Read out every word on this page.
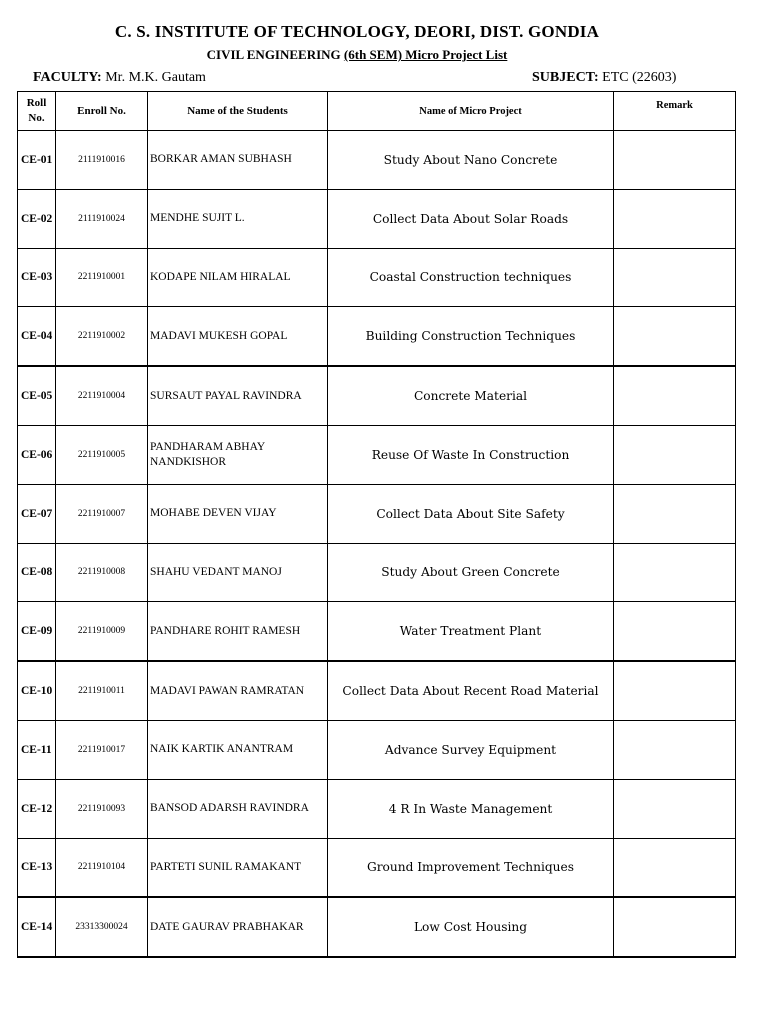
C. S. INSTITUTE OF TECHNOLOGY, DEORI, DIST. GONDIA
CIVIL ENGINEERING (6th SEM) Micro Project List
FACULTY: Mr. M.K. Gautam	SUBJECT: ETC (22603)
Roll No.	Enroll No.	Name of the Students	Name of Micro Project	Remark
CE-01	2111910016	BORKAR AMAN SUBHASH	Study About Nano Concrete	
CE-02	2111910024	MENDHE SUJIT L.	Collect Data About Solar Roads	
CE-03	2211910001	KODAPE NILAM HIRALAL	Coastal Construction techniques	
CE-04	2211910002	MADAVI MUKESH GOPAL	Building Construction Techniques	
CE-05	2211910004	SURSAUT PAYAL RAVINDRA	Concrete Material	
CE-06	2211910005	PANDHARAM ABHAY NANDKISHOR	Reuse Of Waste In Construction	
CE-07	2211910007	MOHABE DEVEN VIJAY	Collect Data About Site Safety	
CE-08	2211910008	SHAHU VEDANT MANOJ	Study About Green Concrete	
CE-09	2211910009	PANDHARE ROHIT RAMESH	Water Treatment Plant	
CE-10	2211910011	MADAVI PAWAN RAMRATAN	Collect Data About Recent Road Material	
CE-11	2211910017	NAIK KARTIK ANANTRAM	Advance Survey Equipment	
CE-12	2211910093	BANSOD ADARSH RAVINDRA	4 R In Waste Management	
CE-13	2211910104	PARTETI SUNIL RAMAKANT	Ground Improvement Techniques	
CE-14	23313300024	DATE GAURAV PRABHAKAR	Low Cost Housing	
